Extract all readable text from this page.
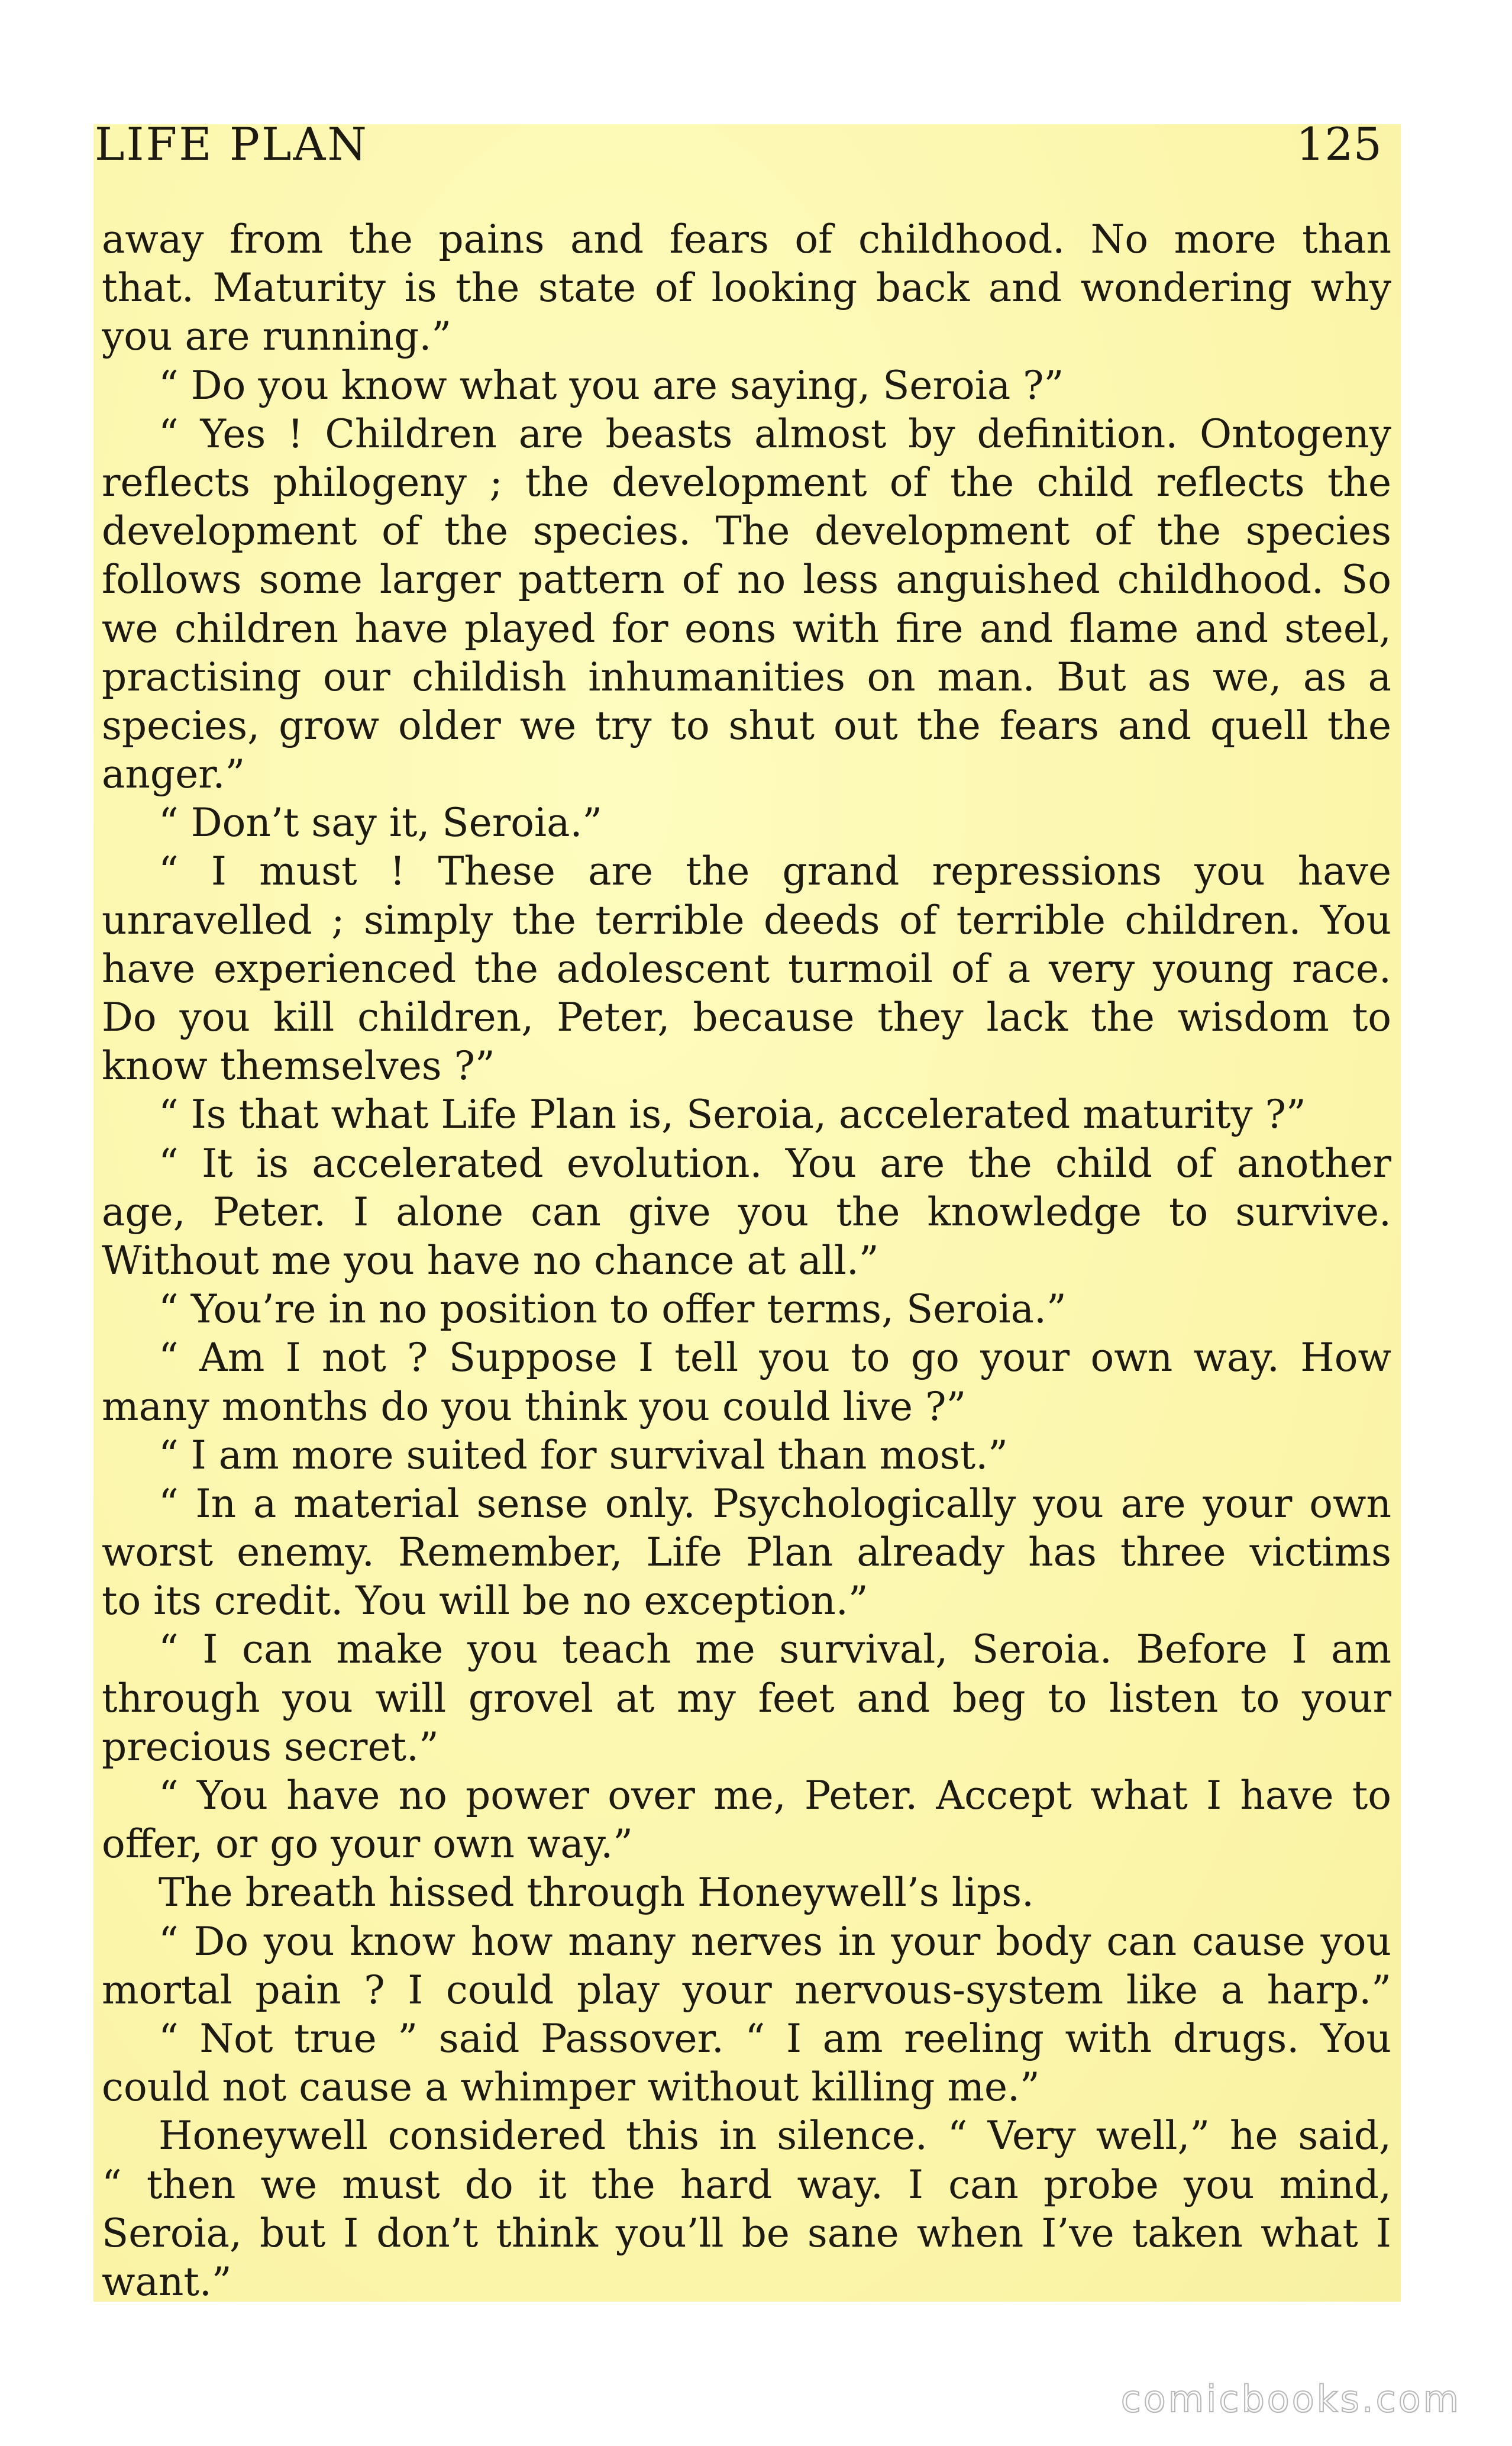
LIFE PLAN	125
away from the pains and fears of childhood. No more than
that. Maturity is the state of looking back and wondering why
you are running.”
“ Do you know what you are saying, Seroia ?”
“ Yes ! Children are beasts almost by definition. Ontogeny
reflects philogeny ; the development of the child reflects the
development of the species. The development of the species
follows some larger pattern of no less anguished childhood. So
we children have played for eons with fire and flame and steel,
practising our childish inhumanities on man. But as we, as a
species, grow older we try to shut out the fears and quell the
anger.”
“ Don’t say it, Seroia.”
“ I must ! These are the grand repressions you have
unravelled ; simply the terrible deeds of terrible children. You
have experienced the adolescent turmoil of a very young race.
Do you kill children, Peter, because they lack the wisdom to
know themselves ?”
“ Is that what Life Plan is, Seroia, accelerated maturity ?”
“ It is accelerated evolution. You are the child of another
age, Peter. I alone can give you the knowledge to survive.
Without me you have no chance at all.”
“ You’re in no position to offer terms, Seroia.”
“ Am I not ? Suppose I tell you to go your own way. How
many months do you think you could live ?”
“ I am more suited for survival than most.”
“ In a material sense only. Psychologically you are your own
worst enemy. Remember, Life Plan already has three victims
to its credit. You will be no exception.”
“ I can make you teach me survival, Seroia. Before I am
through you will grovel at my feet and beg to listen to your
precious secret.”
“ You have no power over me, Peter. Accept what I have to
offer, or go your own way.”
The breath hissed through Honeywell’s lips.
“ Do you know how many nerves in your body can cause you
mortal pain ? I could play your nervous-system like a harp.”
“ Not true ” said Passover. “ I am reeling with drugs. You
could not cause a whimper without killing me.”
Honeywell considered this in silence. “ Very well,” he said,
“ then we must do it the hard way. I can probe you mind,
Seroia, but I don’t think you’ll be sane when I’ve taken what I
want.”
comicbooks.com
